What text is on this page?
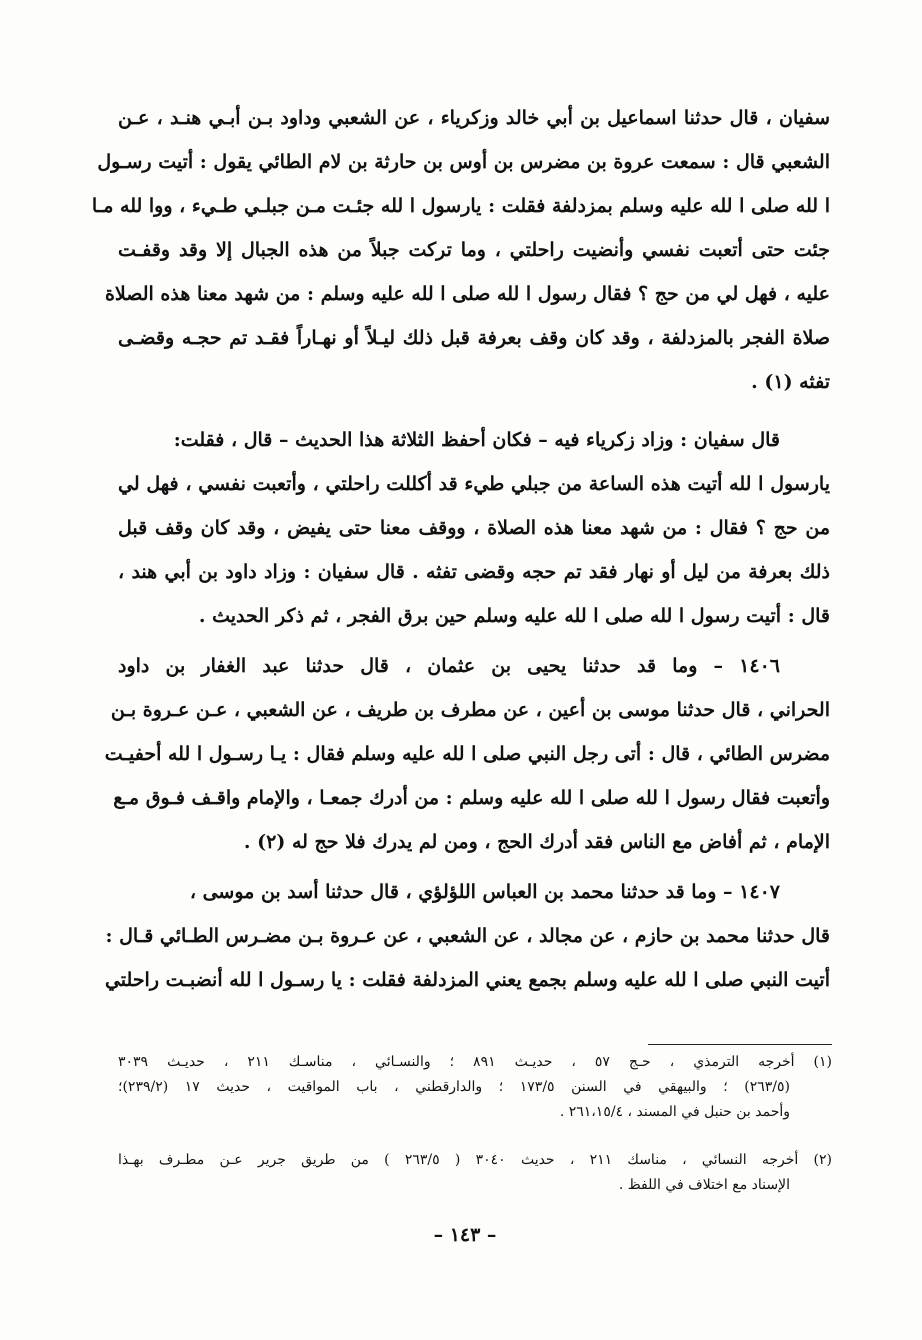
سفيان ، قال حدثنا اسماعيل بن أبي خالد وزكرياء ، عن الشعبي وداود بـن أبـي هنـد ، عـن
الشعبي قال : سمعت عروة بن مضرس بن أوس بن حارثة بن لام الطائي يقول : أتيت رسـول
ا لله صلى ا لله عليه وسلم بمزدلفة فقلت : يارسول ا لله جئـت مـن جبلـي طـيء ، ووا لله مـا
جئت حتى أتعبت نفسي وأنضيت راحلتي ، وما تركت جبلاً من هذه الجبال إلا وقد وقفـت
عليه ، فهل لي من حج ؟ فقال رسول ا لله صلى ا لله عليه وسلم : من شهد معنا هذه الصلاة
صلاة الفجر بالمزدلفة ، وقد كان وقف بعرفة قبل ذلك ليـلاً أو نهـاراً فقـد تم حجـه وقضـى
تفثه (١) .
قال سفيان : وزاد زكرياء فيه – فكان أحفظ الثلاثة هذا الحديث – قال ، فقلت:
يارسول ا لله أتيت هذه الساعة من جبلي طيء قد أكللت راحلتي ، وأتعبت نفسي ، فهل لي
من حج ؟ فقال : من شهد معنا هذه الصلاة ، ووقف معنا حتى يفيض ، وقد كان وقف قبل
ذلك بعرفة من ليل أو نهار فقد تم حجه وقضى تفثه . قال سفيان : وزاد داود بن أبي هند ،
قال : أتيت رسول ا لله صلى ا لله عليه وسلم حين برق الفجر ، ثم ذكر الحديث .
١٤٠٦ – وما قد حدثنا يحيى بن عثمان ، قال حدثنا عبد الغفار بن داود
الحراني ، قال حدثنا موسى بن أعين ، عن مطرف بن طريف ، عن الشعبي ، عـن عـروة بـن
مضرس الطائي ، قال : أتى رجل النبي صلى ا لله عليه وسلم فقال : يـا رسـول ا لله أحفيـت
وأتعبت فقال رسول ا لله صلى ا لله عليه وسلم : من أدرك جمعـا ، والإمام واقـف فـوق مـع
الإمام ، ثم أفاض مع الناس فقد أدرك الحج ، ومن لم يدرك فلا حج له (٢) .
١٤٠٧ – وما قد حدثنا محمد بن العباس اللؤلؤي ، قال حدثنا أسد بن موسى ،
قال حدثنا محمد بن حازم ، عن مجالد ، عن الشعبي ، عن عـروة بـن مضـرس الطـائي قـال :
أتيت النبي صلى ا لله عليه وسلم بجمع يعني المزدلفة فقلت : يا رسـول ا لله أنضبـت راحلتي
(١) أخرجه الترمذي ، حـج ٥٧ ، حديـث ٨٩١ ؛ والنسـائي ، مناسـك ٢١١ ، حديـث ٣٠٣٩
(٢٦٣/٥) ؛ والبيهقي في السنن ١٧٣/٥ ؛ والدارقطني ، باب المواقيت ، حديث ١٧ (٢٣٩/٢)؛
وأحمد بن حنبل في المسند ، ٢٦١،١٥/٤ .
(٢) أخرجه النسائي ، مناسك ٢١١ ، حديث ٣٠٤٠ ( ٢٦٣/٥ ) من طريق جرير عـن مطـرف بهـذا
الإسناد مع اختلاف في اللفظ .
– ١٤٣ –
